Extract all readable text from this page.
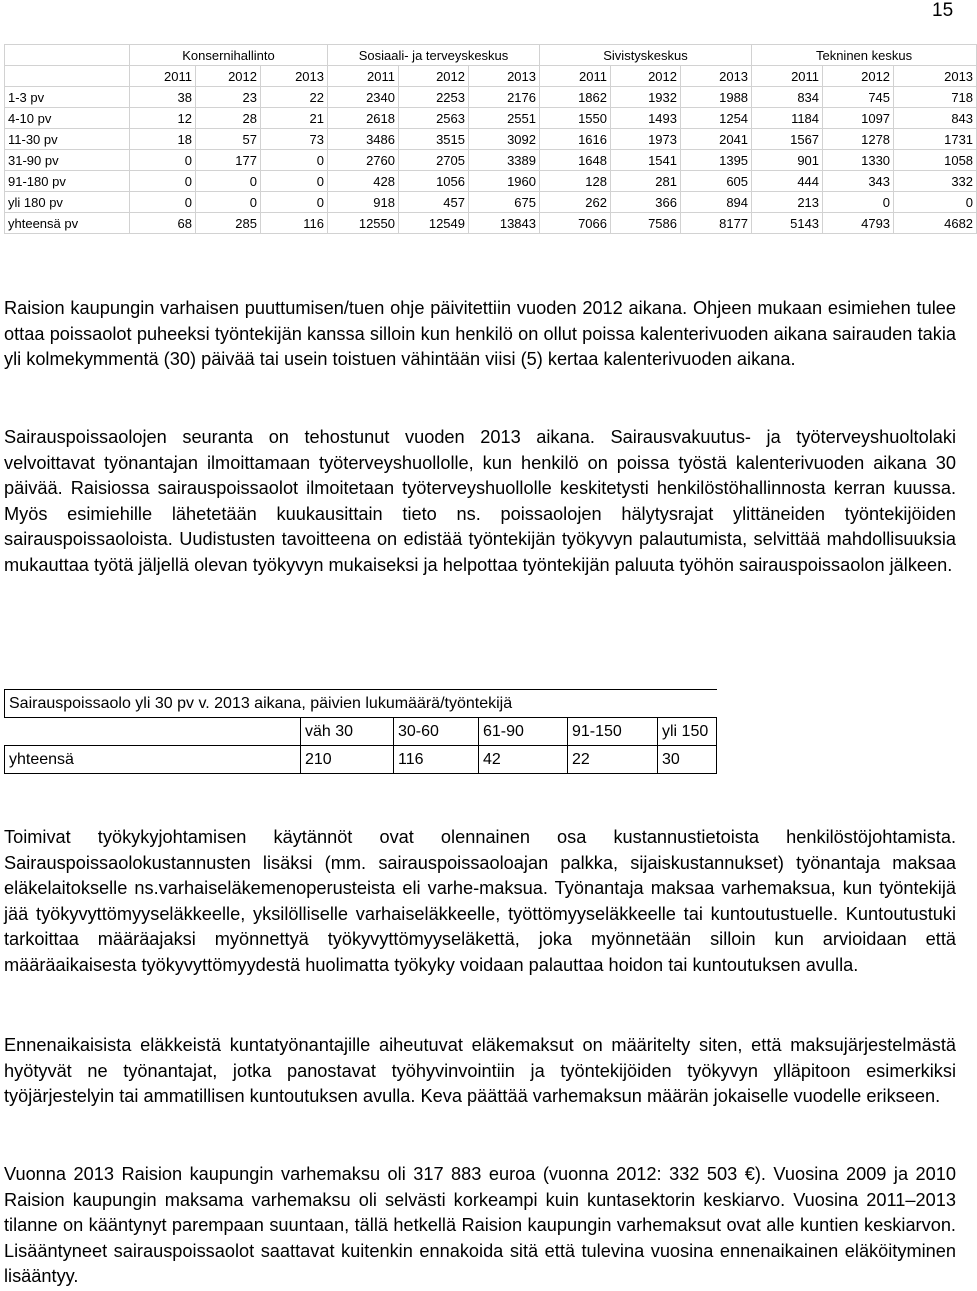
15
	Konsernihallinto			Sosiaali- ja terveyskeskus			Sivistyskeskus			Tekninen keskus		
	2011	2012	2013	2011	2012	2013	2011	2012	2013	2011	2012	2013
1-3 pv	38	23	22	2340	2253	2176	1862	1932	1988	834	745	718
4-10 pv	12	28	21	2618	2563	2551	1550	1493	1254	1184	1097	843
11-30 pv	18	57	73	3486	3515	3092	1616	1973	2041	1567	1278	1731
31-90 pv	0	177	0	2760	2705	3389	1648	1541	1395	901	1330	1058
91-180 pv	0	0	0	428	1056	1960	128	281	605	444	343	332
yli 180 pv	0	0	0	918	457	675	262	366	894	213	0	0
yhteensä pv	68	285	116	12550	12549	13843	7066	7586	8177	5143	4793	4682

Raision kaupungin varhaisen puuttumisen/tuen ohje päivitettiin vuoden 2012 aikana. Ohjeen mukaan esimiehen tulee ottaa poissaolot puheeksi työntekijän kanssa silloin kun henkilö on ollut poissa kalenterivuoden aikana sairauden takia yli kolmekymmentä (30) päivää tai usein toistuen vähintään viisi (5) kertaa kalenterivuoden aikana.

Sairauspoissaolojen seuranta on tehostunut vuoden 2013 aikana. Sairausvakuutus- ja työterveyshuoltolaki velvoittavat työnantajan ilmoittamaan työterveyshuollolle, kun henkilö on poissa työstä kalenterivuoden aikana 30 päivää. Raisiossa sairauspoissaolot ilmoitetaan työterveyshuollolle keskitetysti henkilöstöhallinnosta kerran kuussa. Myös esimiehille lähetetään kuukausittain tieto ns. poissaolojen hälytysrajat ylittäneiden työntekijöiden sairauspoissaoloista. Uudistusten tavoitteena on edistää työntekijän työkyvyn palautumista, selvittää mahdollisuuksia mukauttaa työtä jäljellä olevan työkyvyn mukaiseksi ja helpottaa työntekijän paluuta työhön sairauspoissaolon jälkeen.

Sairauspoissaolo yli 30 pv v. 2013 aikana, päivien lukumäärä/työntekijä					
	väh 30	30-60	61-90	91-150	yli 150
yhteensä	210	116	42	22	30

Toimivat työkykyjohtamisen käytännöt ovat olennainen osa kustannustietoista henkilöstöjohtamista. Sairauspoissaolokustannusten lisäksi (mm. sairauspoissaoloajan palkka, sijaiskustannukset) työnantaja maksaa eläkelaitokselle ns.varhaiseläkemenoperusteista eli varhe-maksua. Työnantaja maksaa varhemaksua, kun työntekijä jää työkyvyttömyyseläkkeelle, yksilölliselle varhaiseläkkeelle, työttömyyseläkkeelle tai kuntoutustuelle. Kuntoutustuki tarkoittaa määräajaksi myönnettyä työkyvyttömyyseläkettä, joka myönnetään silloin kun arvioidaan että määräaikaisesta työkyvyttömyydestä huolimatta työkyky voidaan palauttaa hoidon tai kuntoutuksen avulla.

Ennenaikaisista eläkkeistä kuntatyönantajille aiheutuvat eläkemaksut on määritelty siten, että maksujärjestelmästä hyötyvät ne työnantajat, jotka panostavat työhyvinvointiin ja työntekijöiden työkyvyn ylläpitoon esimerkiksi työjärjestelyin tai ammatillisen kuntoutuksen avulla. Keva päättää varhemaksun määrän jokaiselle vuodelle erikseen.

Vuonna 2013 Raision kaupungin varhemaksu oli 317 883 euroa (vuonna 2012: 332 503 €). Vuosina 2009 ja 2010 Raision kaupungin maksama varhemaksu oli selvästi korkeampi kuin kuntasektorin keskiarvo. Vuosina 2011–2013 tilanne on kääntynyt parempaan suuntaan, tällä hetkellä Raision kaupungin varhemaksut ovat alle kuntien keskiarvon. Lisääntyneet sairauspoissaolot saattavat kuitenkin ennakoida sitä että tulevina vuosina ennenaikainen eläköityminen lisääntyy.
